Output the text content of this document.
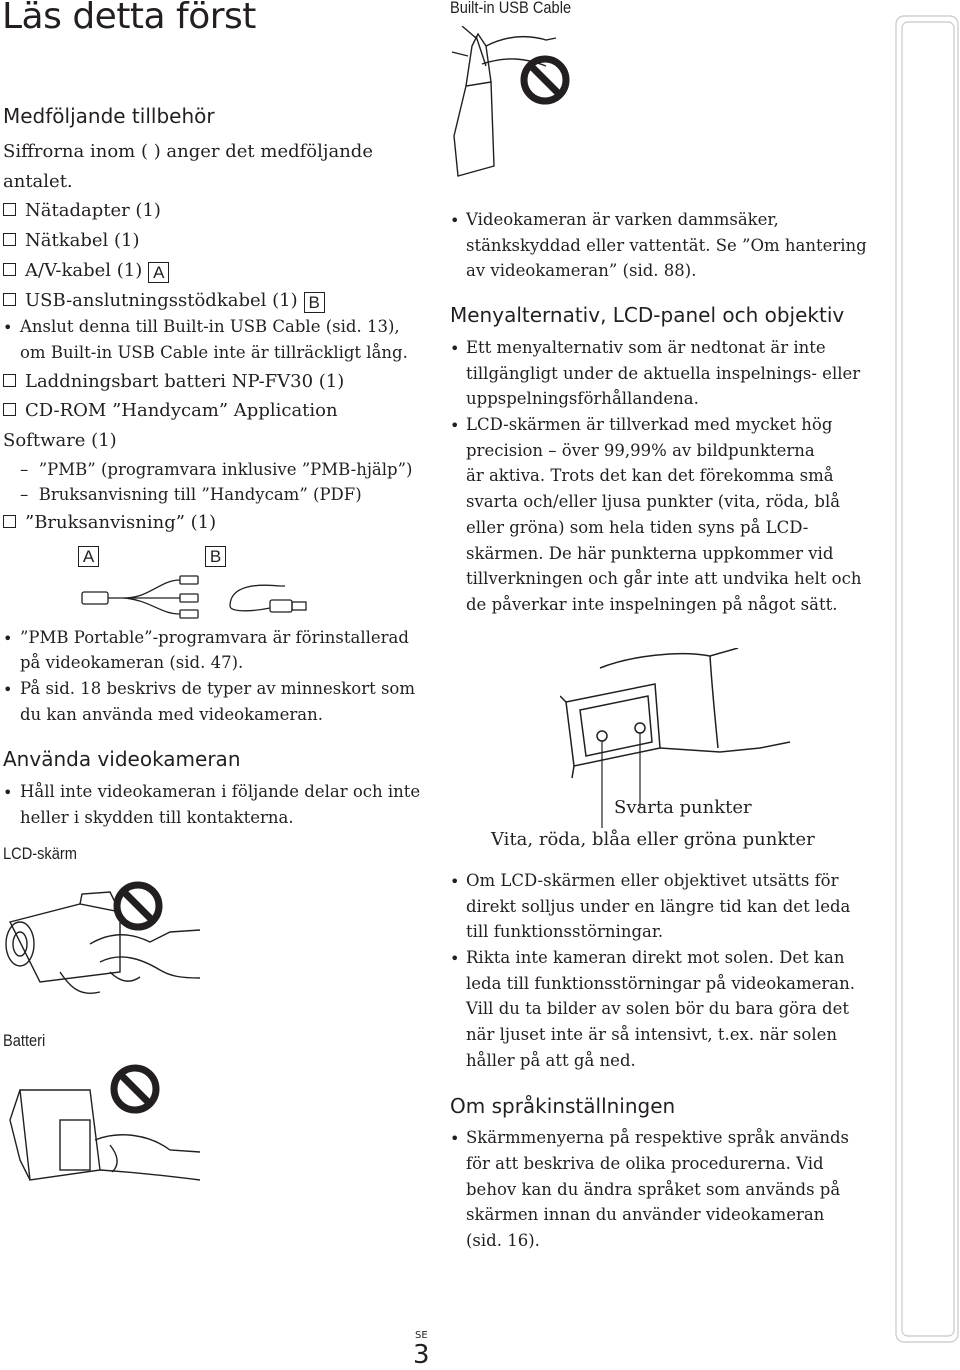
Läs detta först
Medföljande tillbehör
Siffrorna inom ( ) anger det medföljande
antalet.
Nätadapter (1)
Nätkabel (1)
A/V-kabel (1) A
USB-anslutningsstödkabel (1) B
• Anslut denna till Built-in USB Cable (sid. 13),
om Built-in USB Cable inte är tillräckligt lång.
Laddningsbart batteri NP-FV30 (1)
CD-ROM ”Handycam” Application
Software (1)
–  ”PMB” (programvara inklusive ”PMB-hjälp”)
–  Bruksanvisning till ”Handycam” (PDF)
”Bruksanvisning” (1)
A	B
• ”PMB Portable”-programvara är förinstallerad
på videokameran (sid. 47).
• På sid. 18 beskrivs de typer av minneskort som
du kan använda med videokameran.
Använda videokameran
• Håll inte videokameran i följande delar och inte
heller i skydden till kontakterna.
LCD-skärm
Batteri
Built-in USB Cable
• Videokameran är varken dammsäker,
stänkskyddad eller vattentät. Se ”Om hantering
av videokameran” (sid. 88).
Menyalternativ, LCD-panel och objektiv
• Ett menyalternativ som är nedtonat är inte
tillgängligt under de aktuella inspelnings- eller
uppspelningsförhållandena.
• LCD-skärmen är tillverkad med mycket hög
precision – över 99,99% av bildpunkterna
är aktiva. Trots det kan det förekomma små
svarta och/eller ljusa punkter (vita, röda, blå
eller gröna) som hela tiden syns på LCD-
skärmen. De här punkterna uppkommer vid
tillverkningen och går inte att undvika helt och
de påverkar inte inspelningen på något sätt.
Svarta punkter
Vita, röda, blåa eller gröna punkter
• Om LCD-skärmen eller objektivet utsätts för
direkt solljus under en längre tid kan det leda
till funktionsstörningar.
• Rikta inte kameran direkt mot solen. Det kan
leda till funktionsstörningar på videokameran.
Vill du ta bilder av solen bör du bara göra det
när ljuset inte är så intensivt, t.ex. när solen
håller på att gå ned.
Om språkinställningen
• Skärmmenyerna på respektive språk används
för att beskriva de olika procedurerna. Vid
behov kan du ändra språket som används på
skärmen innan du använder videokameran
(sid. 16).
SE
3
